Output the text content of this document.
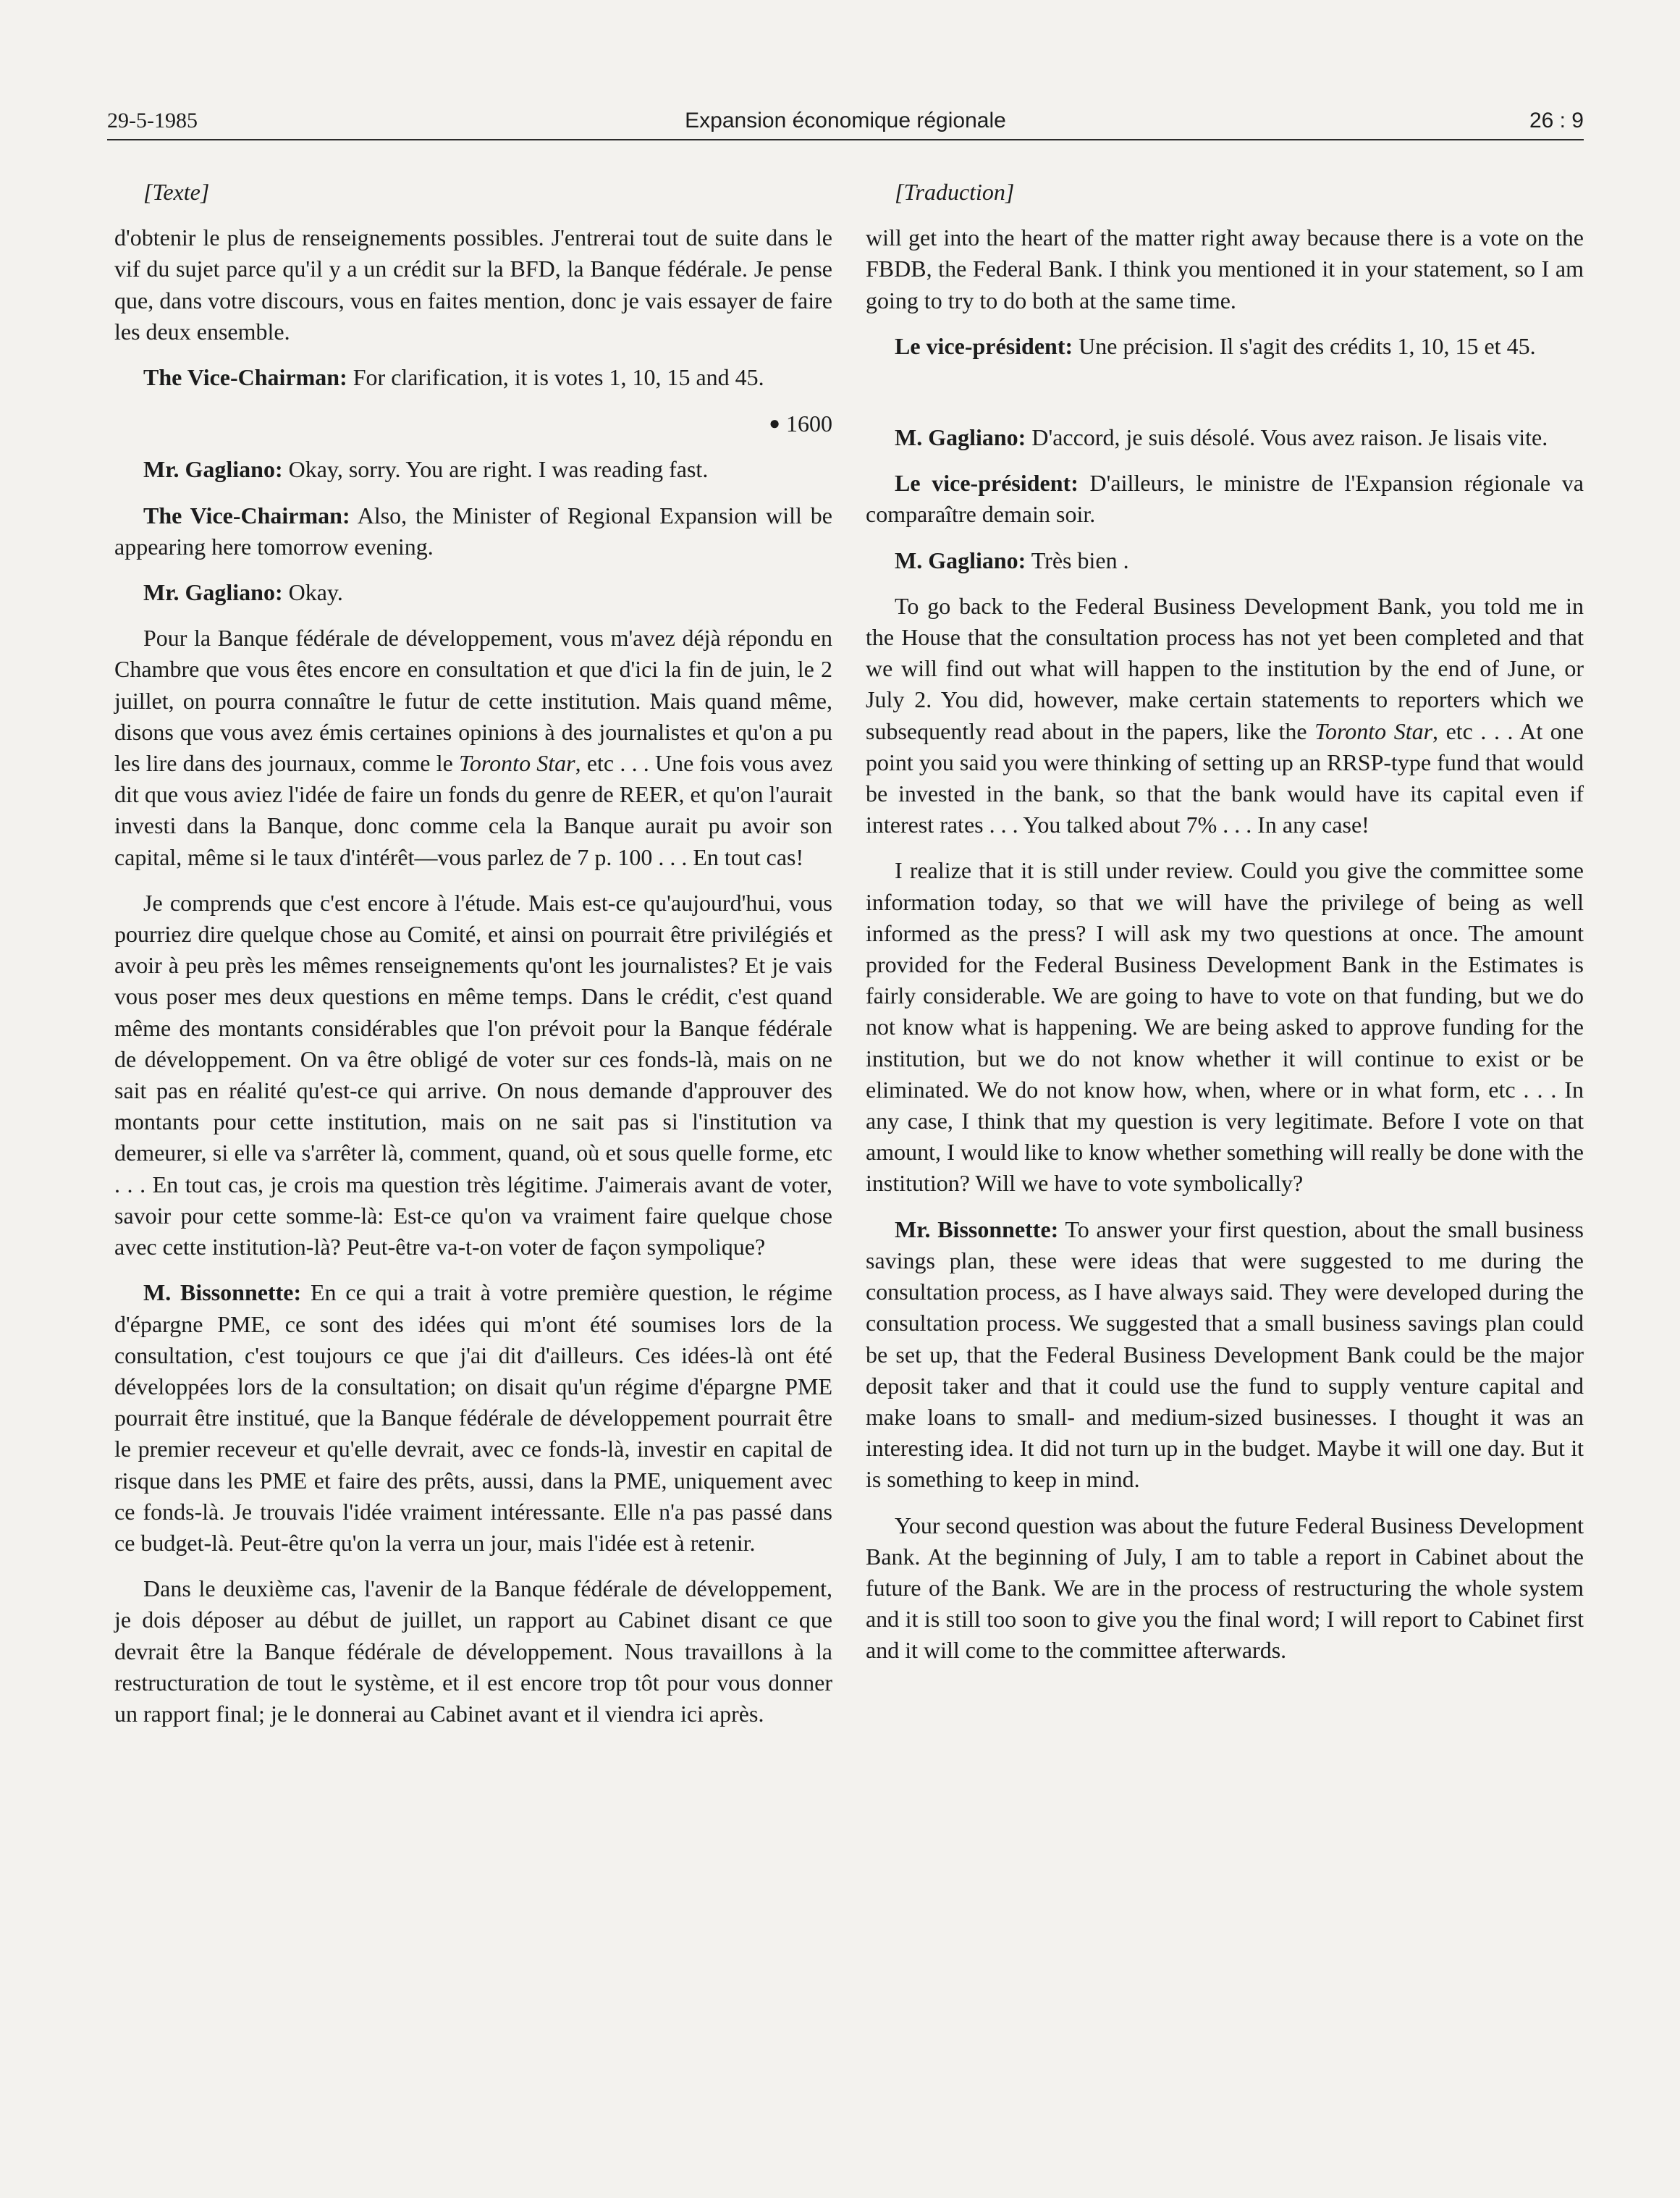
29-5-1985	Expansion économique régionale	26 : 9

[Texte]

d'obtenir le plus de renseignements possibles. J'entrerai tout de suite dans le vif du sujet parce qu'il y a un crédit sur la BFD, la Banque fédérale. Je pense que, dans votre discours, vous en faites mention, donc je vais essayer de faire les deux ensemble.

The Vice-Chairman: For clarification, it is votes 1, 10, 15 and 45.

● 1600

Mr. Gagliano: Okay, sorry. You are right. I was reading fast.

The Vice-Chairman: Also, the Minister of Regional Expansion will be appearing here tomorrow evening.

Mr. Gagliano: Okay.

Pour la Banque fédérale de développement, vous m'avez déjà répondu en Chambre que vous êtes encore en consultation et que d'ici la fin de juin, le 2 juillet, on pourra connaître le futur de cette institution. Mais quand même, disons que vous avez émis certaines opinions à des journalistes et qu'on a pu les lire dans des journaux, comme le Toronto Star, etc . . . Une fois vous avez dit que vous aviez l'idée de faire un fonds du genre de REER, et qu'on l'aurait investi dans la Banque, donc comme cela la Banque aurait pu avoir son capital, même si le taux d'intérêt—vous parlez de 7 p. 100 . . . En tout cas!

Je comprends que c'est encore à l'étude. Mais est-ce qu'aujourd'hui, vous pourriez dire quelque chose au Comité, et ainsi on pourrait être privilégiés et avoir à peu près les mêmes renseignements qu'ont les journalistes? Et je vais vous poser mes deux questions en même temps. Dans le crédit, c'est quand même des montants considérables que l'on prévoit pour la Banque fédérale de développement. On va être obligé de voter sur ces fonds-là, mais on ne sait pas en réalité qu'est-ce qui arrive. On nous demande d'approuver des montants pour cette institution, mais on ne sait pas si l'institution va demeurer, si elle va s'arrêter là, comment, quand, où et sous quelle forme, etc . . . En tout cas, je crois ma question très légitime. J'aimerais avant de voter, savoir pour cette somme-là: Est-ce qu'on va vraiment faire quelque chose avec cette institution-là? Peut-être va-t-on voter de façon sympolique?

M. Bissonnette: En ce qui a trait à votre première question, le régime d'épargne PME, ce sont des idées qui m'ont été soumises lors de la consultation, c'est toujours ce que j'ai dit d'ailleurs. Ces idées-là ont été développées lors de la consultation; on disait qu'un régime d'épargne PME pourrait être institué, que la Banque fédérale de développement pourrait être le premier receveur et qu'elle devrait, avec ce fonds-là, investir en capital de risque dans les PME et faire des prêts, aussi, dans la PME, uniquement avec ce fonds-là. Je trouvais l'idée vraiment intéressante. Elle n'a pas passé dans ce budget-là. Peut-être qu'on la verra un jour, mais l'idée est à retenir.

Dans le deuxième cas, l'avenir de la Banque fédérale de développement, je dois déposer au début de juillet, un rapport au Cabinet disant ce que devrait être la Banque fédérale de développement. Nous travaillons à la restructuration de tout le système, et il est encore trop tôt pour vous donner un rapport final; je le donnerai au Cabinet avant et il viendra ici après.

[Traduction]

will get into the heart of the matter right away because there is a vote on the FBDB, the Federal Bank. I think you mentioned it in your statement, so I am going to try to do both at the same time.

Le vice-président: Une précision. Il s'agit des crédits 1, 10, 15 et 45.

M. Gagliano: D'accord, je suis désolé. Vous avez raison. Je lisais vite.

Le vice-président: D'ailleurs, le ministre de l'Expansion régionale va comparaître demain soir.

M. Gagliano: Très bien .

To go back to the Federal Business Development Bank, you told me in the House that the consultation process has not yet been completed and that we will find out what will happen to the institution by the end of June, or July 2. You did, however, make certain statements to reporters which we subsequently read about in the papers, like the Toronto Star, etc . . . At one point you said you were thinking of setting up an RRSP-type fund that would be invested in the bank, so that the bank would have its capital even if interest rates . . . You talked about 7% . . . In any case!

I realize that it is still under review. Could you give the committee some information today, so that we will have the privilege of being as well informed as the press? I will ask my two questions at once. The amount provided for the Federal Business Development Bank in the Estimates is fairly considerable. We are going to have to vote on that funding, but we do not know what is happening. We are being asked to approve funding for the institution, but we do not know whether it will continue to exist or be eliminated. We do not know how, when, where or in what form, etc . . . In any case, I think that my question is very legitimate. Before I vote on that amount, I would like to know whether something will really be done with the institution? Will we have to vote symbolically?

Mr. Bissonnette: To answer your first question, about the small business savings plan, these were ideas that were suggested to me during the consultation process, as I have always said. They were developed during the consultation process. We suggested that a small business savings plan could be set up, that the Federal Business Development Bank could be the major deposit taker and that it could use the fund to supply venture capital and make loans to small- and medium-sized businesses. I thought it was an interesting idea. It did not turn up in the budget. Maybe it will one day. But it is something to keep in mind.

Your second question was about the future Federal Business Development Bank. At the beginning of July, I am to table a report in Cabinet about the future of the Bank. We are in the process of restructuring the whole system and it is still too soon to give you the final word; I will report to Cabinet first and it will come to the committee afterwards.
